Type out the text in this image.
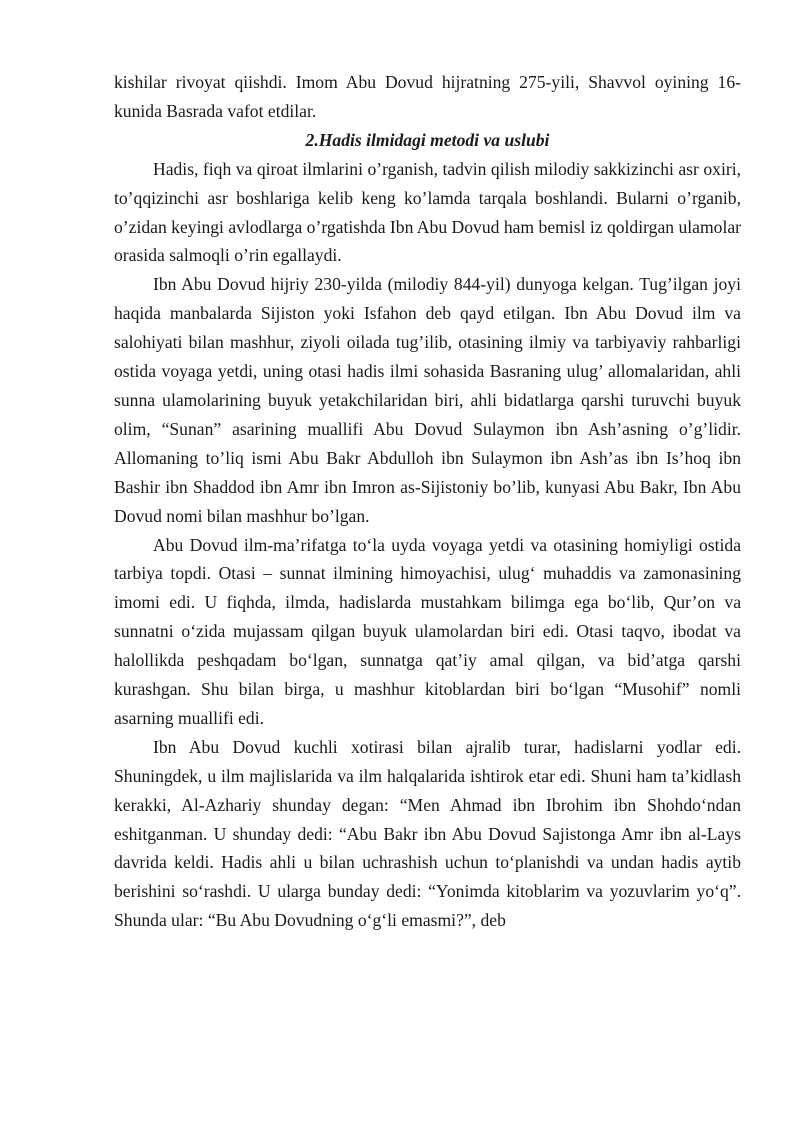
kishilar rivoyat qiishdi. Imom Abu Dovud hijratning 275-yili, Shavvol oyining 16-kunida Basrada vafot etdilar.

2.Hadis ilmidagi metodi va uslubi

Hadis, fiqh va qiroat ilmlarini o’rganish, tadvin qilish milodiy sakkizinchi asr oxiri, to’qqizinchi asr boshlariga kelib keng ko’lamda tarqala boshlandi. Bularni o’rganib, o’zidan keyingi avlodlarga o’rgatishda Ibn Abu Dovud ham bemisl iz qoldirgan ulamolar orasida salmoqli o’rin egallaydi.

Ibn Abu Dovud hijriy 230-yilda (milodiy 844-yil) dunyoga kelgan. Tug’ilgan joyi haqida manbalarda Sijiston yoki Isfahon deb qayd etilgan. Ibn Abu Dovud ilm va salohiyati bilan mashhur, ziyoli oilada tug’ilib, otasining ilmiy va tarbiyaviy rahbarligi ostida voyaga yetdi, uning otasi hadis ilmi sohasida Basraning ulug’ allomalaridan, ahli sunna ulamolarining buyuk yetakchilaridan biri, ahli bidatlarga qarshi turuvchi buyuk olim, “Sunan” asarining muallifi Abu Dovud Sulaymon ibn Ash’asning o’g’lidir. Allomaning to’liq ismi Abu Bakr Abdulloh ibn Sulaymon ibn Ash’as ibn Is’hoq ibn Bashir ibn Shaddod ibn Amr ibn Imron as-Sijistoniy bo’lib, kunyasi Abu Bakr, Ibn Abu Dovud nomi bilan mashhur bo’lgan.

Abu Dovud ilm-ma’rifatga to‘la uyda voyaga yetdi va otasining homiyligi ostida tarbiya topdi. Otasi – sunnat ilmining himoyachisi, ulug‘ muhaddis va zamonasining imomi edi. U fiqhda, ilmda, hadislarda mustahkam bilimga ega bo‘lib, Qur’on va sunnatni o‘zida mujassam qilgan buyuk ulamolardan biri edi. Otasi taqvo, ibodat va halollikda peshqadam bo‘lgan, sunnatga qat’iy amal qilgan, va bid’atga qarshi kurashgan. Shu bilan birga, u mashhur kitoblardan biri bo‘lgan “Musohif” nomli asarning muallifi edi.

Ibn Abu Dovud kuchli xotirasi bilan ajralib turar, hadislarni yodlar edi. Shuningdek, u ilm majlislarida va ilm halqalarida ishtirok etar edi. Shuni ham ta’kidlash kerakki, Al-Azhariy shunday degan: “Men Ahmad ibn Ibrohim ibn Shohdo‘ndan eshitganman. U shunday dedi: “Abu Bakr ibn Abu Dovud Sajistonga Amr ibn al-Lays davrida keldi. Hadis ahli u bilan uchrashish uchun to‘planishdi va undan hadis aytib berishini so‘rashdi. U ularga bunday dedi: “Yonimda kitoblarim va yozuvlarim yo‘q”. Shunda ular: “Bu Abu Dovudning o‘g‘li emasmi?”, deb
